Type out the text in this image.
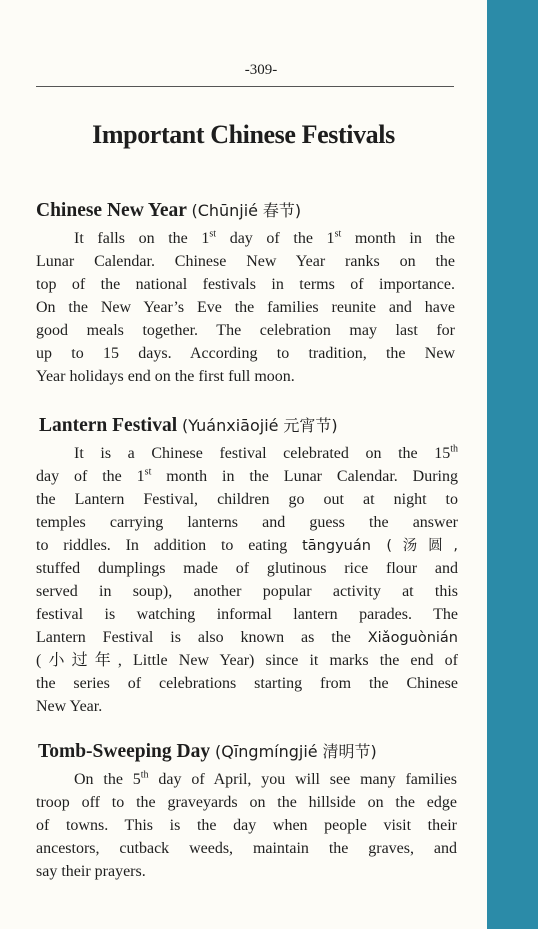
-309-
Important Chinese Festivals
Chinese New Year (Chūnjié 春节)
It falls on the 1st day of the 1st month in the
Lunar Calendar. Chinese New Year ranks on the
top of the national festivals in terms of importance.
On the New Year’s Eve the families reunite and have
good meals together. The celebration may last for
up to 15 days. According to tradition, the New
Year holidays end on the first full moon.
Lantern Festival (Yuánxiāojié 元宵节)
It is a Chinese festival celebrated on the 15th
day of the 1st month in the Lunar Calendar. During
the Lantern Festival, children go out at night to
temples carrying lanterns and guess the answer
to riddles. In addition to eating tāngyuán (汤圆,
stuffed dumplings made of glutinous rice flour and
served in soup), another popular activity at this
festival is watching informal lantern parades. The
Lantern Festival is also known as the Xiǎoguònián
(小过年, Little New Year) since it marks the end of
the series of celebrations starting from the Chinese
New Year.
Tomb-Sweeping Day (Qīngmíngjié 清明节)
On the 5th day of April, you will see many families
troop off to the graveyards on the hillside on the edge
of towns. This is the day when people visit their
ancestors, cutback weeds, maintain the graves, and
say their prayers.
